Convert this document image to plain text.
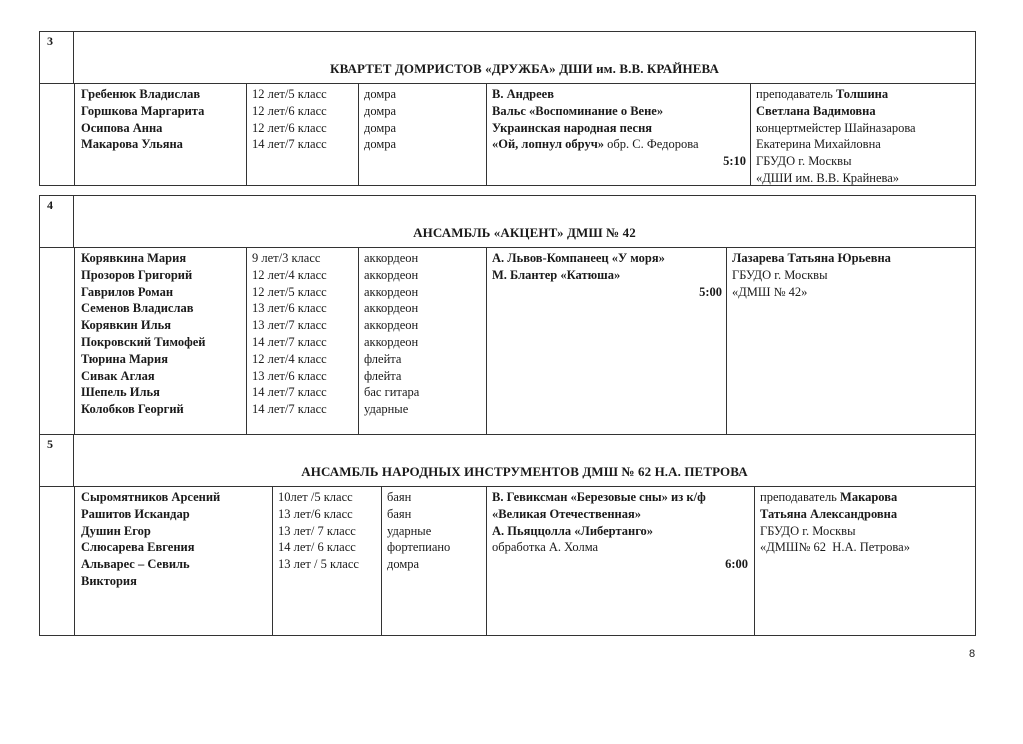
3
КВАРТЕТ ДОМРИСТОВ «ДРУЖБА» ДШИ им. В.В. КРАЙНЕВА
Гребенюк Владислав
Горшкова Маргарита
Осипова Анна
Макарова Ульяна
12 лет/5 класс
12 лет/6 класс
12 лет/6 класс
14 лет/7 класс
домра
домра
домра
домра
В. Андреев
Вальс «Воспоминание о Вене»
Украинская народная песня
«Ой, лопнул обруч» обр. С. Федорова
5:10
преподаватель Толшина
Светлана Вадимовна
концертмейстер Шайназарова
Екатерина Михайловна
ГБУДО г. Москвы
«ДШИ им. В.В. Крайнева»
4
АНСАМБЛЬ «АКЦЕНТ» ДМШ № 42
Корявкина Мария
Прозоров Григорий
Гаврилов Роман
Семенов Владислав
Корявкин Илья
Покровский Тимофей
Тюрина Мария
Сивак Аглая
Шепель Илья
Колобков Георгий
9 лет/3 класс
12 лет/4 класс
12 лет/5 класс
13 лет/6 класс
13 лет/7 класс
14 лет/7 класс
12 лет/4 класс
13 лет/6 класс
14 лет/7 класс
14 лет/7 класс
аккордеон
аккордеон
аккордеон
аккордеон
аккордеон
аккордеон
флейта
флейта
бас гитара
ударные
А. Львов-Компанеец «У моря»
М. Блантер «Катюша»
5:00
Лазарева Татьяна Юрьевна
ГБУДО г. Москвы
«ДМШ № 42»
5
АНСАМБЛЬ НАРОДНЫХ ИНСТРУМЕНТОВ ДМШ № 62 Н.А. ПЕТРОВА
Сыромятников Арсений
Рашитов Искандар
Душин Егор
Слюсарева Евгения
Альварес – Севиль
Виктория
10лет /5 класс
13 лет/6 класс
13 лет/ 7 класс
14 лет/ 6 класс
13 лет / 5 класс
баян
баян
ударные
фортепиано
домра
В. Гевиксман «Березовые сны» из к/ф
«Великая Отечественная»
А. Пьяццолла «Либертанго»
обработка А. Холма
6:00
преподаватель Макарова
Татьяна Александровна
ГБУДО г. Москвы
«ДМШ№ 62  Н.А. Петрова»
8
